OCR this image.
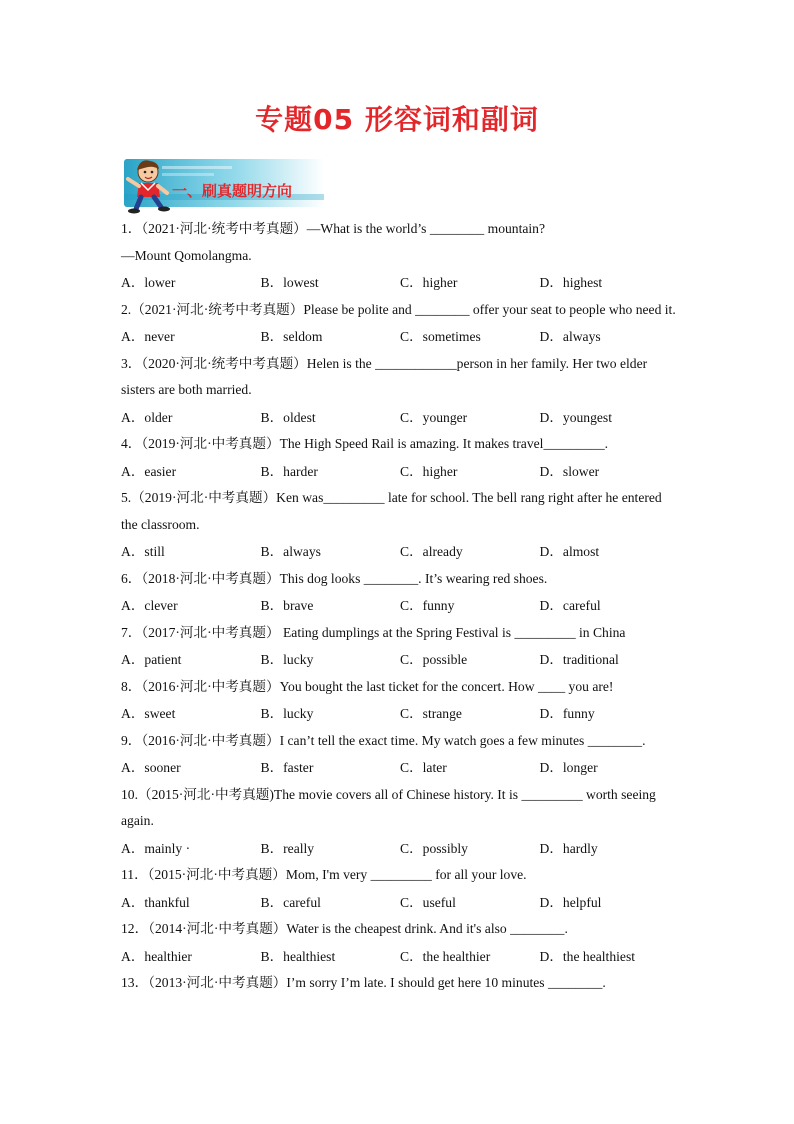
专题05 形容词和副词
一、刷真题明方向
1．（2021·河北·统考中考真题）—What is the world’s ________ mountain?
—Mount Qomolangma.
A．lower	B．lowest	C．higher	D．highest
2.（2021·河北·统考中考真题）Please be polite and ________ offer your seat to people who need it.
A．never	B．seldom	C．sometimes	D．always
3．（2020·河北·统考中考真题）Helen is the ____________person in her family. Her two elder sisters are both married.
A．older	B．oldest	C．younger	D．youngest
4．（2019·河北·中考真题）The High Speed Rail is amazing. It makes travel_________.
A．easier	B．harder	C．higher	D．slower
5.（2019·河北·中考真题）Ken was_________ late for school. The bell rang right after he entered the classroom.
A．still	B．always	C．already	D．almost
6．（2018·河北·中考真题）This dog looks ________. It’s wearing red shoes.
A．clever	B．brave	C．funny	D．careful
7．（2017·河北·中考真题） Eating dumplings at the Spring Festival is _________ in China
A．patient	B．lucky	C．possible	D．traditional
8．（2016·河北·中考真题）You bought the last ticket for the concert. How ____ you are!
A．sweet	B．lucky	C．strange	D．funny
9．（2016·河北·中考真题）I can’t tell the exact time. My watch goes a few minutes ________.
A．sooner	B．faster	C．later	D．longer
10.（2015·河北·中考真题)The movie covers all of Chinese history. It is _________ worth seeing again.
A．mainly ·	B．really	C．possibly	D．hardly
11．（2015·河北·中考真题）Mom, I'm very _________ for all your love.
A．thankful	B．careful	C．useful	D．helpful
12．（2014·河北·中考真题）Water is the cheapest drink. And it's also ________.
A．healthier	B．healthiest	C．the healthier	D．the healthiest
13．（2013·河北·中考真题）I’m sorry I’m late. I should get here 10 minutes ________.
